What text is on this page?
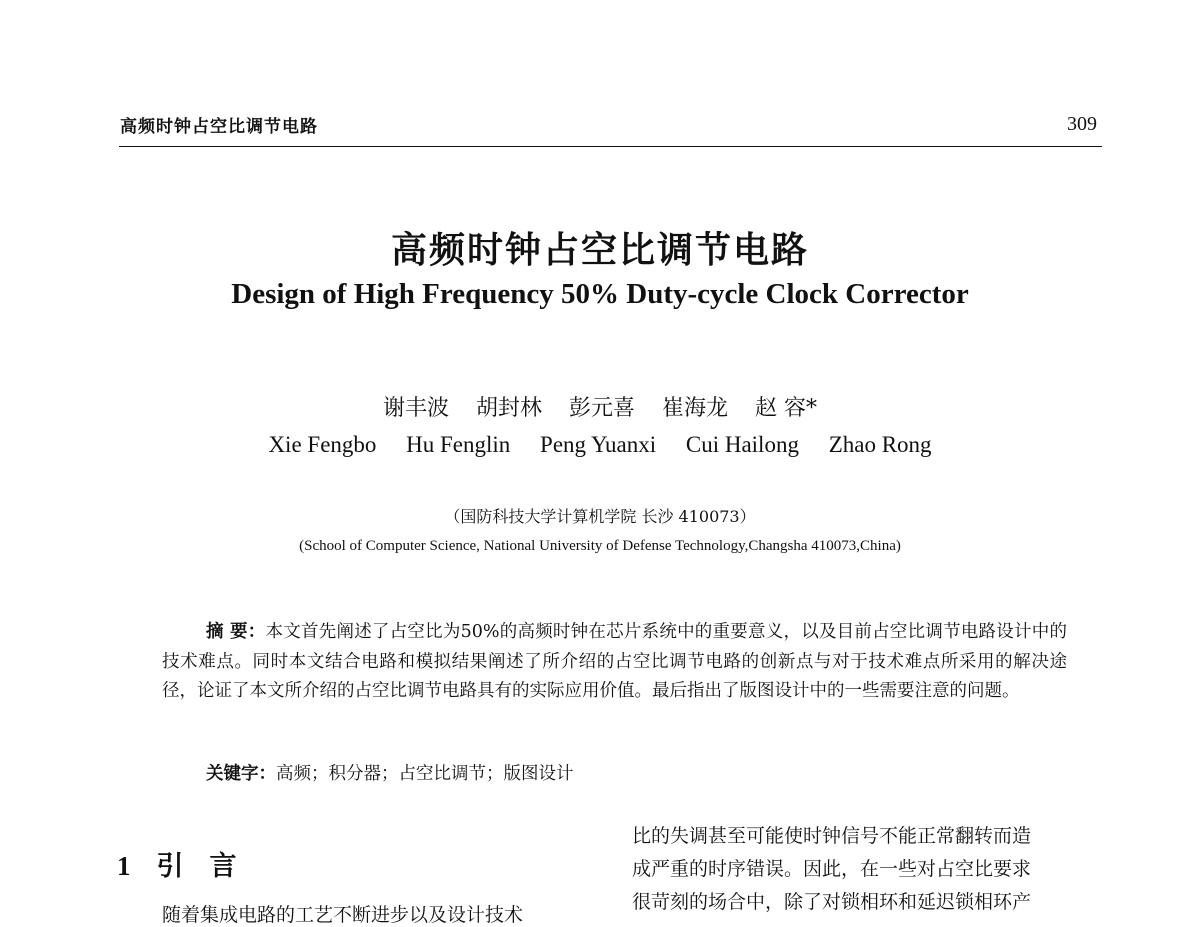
高频时钟占空比调节电路	309
高频时钟占空比调节电路
Design of High Frequency 50% Duty-cycle Clock Corrector
谢丰波 胡封林 彭元喜 崔海龙 赵 容*
Xie Fengbo Hu Fenglin Peng Yuanxi Cui Hailong Zhao Rong
（国防科技大学计算机学院 长沙 410073）
(School of Computer Science, National University of Defense Technology,Changsha 410073,China)
摘 要：本文首先阐述了占空比为50%的高频时钟在芯片系统中的重要意义，以及目前占空比调节电路设计中的技术难点。同时本文结合电路和模拟结果阐述了所介绍的占空比调节电路的创新点与对于技术难点所采用的解决途径，论证了本文所介绍的占空比调节电路具有的实际应用价值。最后指出了版图设计中的一些需要注意的问题。
关键字：高频；积分器；占空比调节；版图设计
1 引 言
随着集成电路的工艺不断进步以及设计技术
比的失调甚至可能使时钟信号不能正常翻转而造
成严重的时序错误。因此，在一些对占空比要求
很苛刻的场合中，除了对锁相环和延迟锁相环产
